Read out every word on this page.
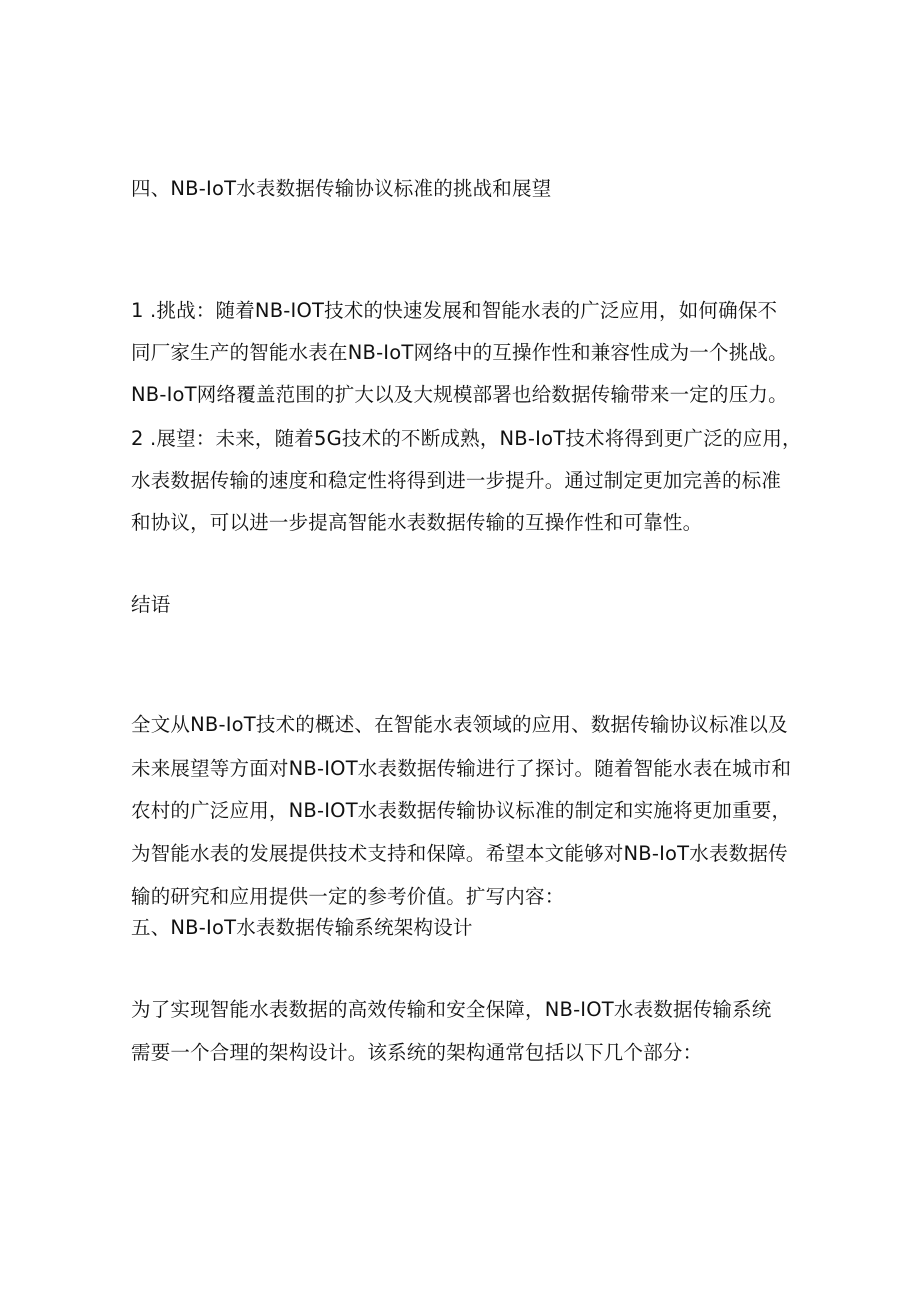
四、NB-IoT水表数据传输协议标准的挑战和展望
1 .挑战：随着NB-IOT技术的快速发展和智能水表的广泛应用，如何确保不
同厂家生产的智能水表在NB-IoT网络中的互操作性和兼容性成为一个挑战。
NB-IoT网络覆盖范围的扩大以及大规模部署也给数据传输带来一定的压力。
2 .展望：未来，随着5G技术的不断成熟，NB-IoT技术将得到更广泛的应用，
水表数据传输的速度和稳定性将得到进一步提升。通过制定更加完善的标准
和协议，可以进一步提高智能水表数据传输的互操作性和可靠性。
结语
全文从NB-IoT技术的概述、在智能水表领域的应用、数据传输协议标准以及
未来展望等方面对NB-IOT水表数据传输进行了探讨。随着智能水表在城市和
农村的广泛应用，NB-IOT水表数据传输协议标准的制定和实施将更加重要，
为智能水表的发展提供技术支持和保障。希望本文能够对NB-IoT水表数据传
输的研究和应用提供一定的参考价值。扩写内容：
五、NB-IoT水表数据传输系统架构设计
为了实现智能水表数据的高效传输和安全保障，NB-IOT水表数据传输系统
需要一个合理的架构设计。该系统的架构通常包括以下几个部分：
